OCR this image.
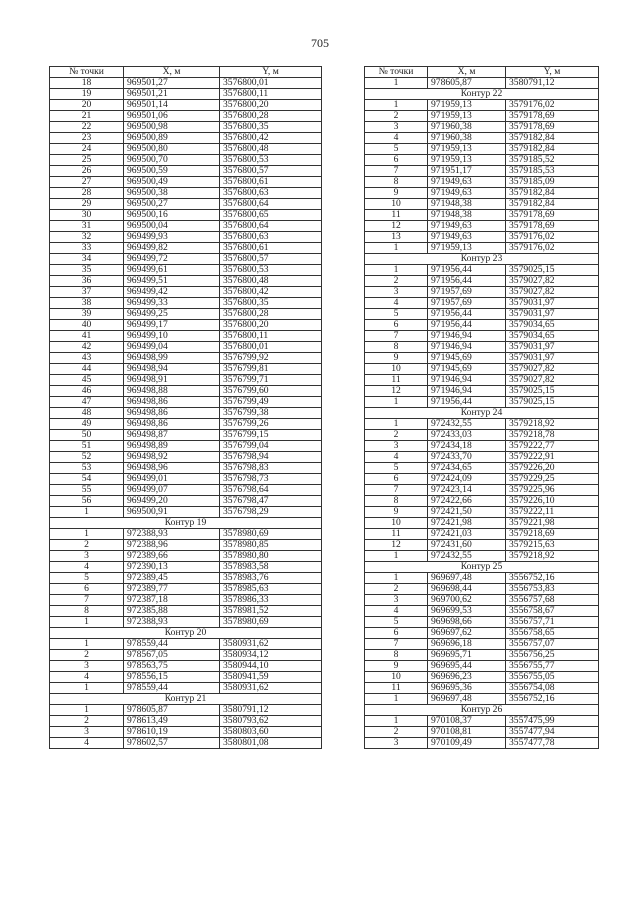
705
№ точки	X, м	Y, м
18	969501,27	3576800,01
19	969501,21	3576800,11
20	969501,14	3576800,20
21	969501,06	3576800,28
22	969500,98	3576800,35
23	969500,89	3576800,42
24	969500,80	3576800,48
25	969500,70	3576800,53
26	969500,59	3576800,57
27	969500,49	3576800,61
28	969500,38	3576800,63
29	969500,27	3576800,64
30	969500,16	3576800,65
31	969500,04	3576800,64
32	969499,93	3576800,63
33	969499,82	3576800,61
34	969499,72	3576800,57
35	969499,61	3576800,53
36	969499,51	3576800,48
37	969499,42	3576800,42
38	969499,33	3576800,35
39	969499,25	3576800,28
40	969499,17	3576800,20
41	969499,10	3576800,11
42	969499,04	3576800,01
43	969498,99	3576799,92
44	969498,94	3576799,81
45	969498,91	3576799,71
46	969498,88	3576799,60
47	969498,86	3576799,49
48	969498,86	3576799,38
49	969498,86	3576799,26
50	969498,87	3576799,15
51	969498,89	3576799,04
52	969498,92	3576798,94
53	969498,96	3576798,83
54	969499,01	3576798,73
55	969499,07	3576798,64
56	969499,20	3576798,47
1	969500,91	3576798,29
Контур 19		
1	972388,93	3578980,69
2	972388,96	3578980,85
3	972389,66	3578980,80
4	972390,13	3578983,58
5	972389,45	3578983,76
6	972389,77	3578985,63
7	972387,18	3578986,33
8	972385,88	3578981,52
1	972388,93	3578980,69
Контур 20		
1	978559,44	3580931,62
2	978567,05	3580934,12
3	978563,75	3580944,10
4	978556,15	3580941,59
1	978559,44	3580931,62
Контур 21		
1	978605,87	3580791,12
2	978613,49	3580793,62
3	978610,19	3580803,60
4	978602,57	3580801,08
№ точки	X, м	Y, м
1	978605,87	3580791,12
Контур 22		
1	971959,13	3579176,02
2	971959,13	3579178,69
3	971960,38	3579178,69
4	971960,38	3579182,84
5	971959,13	3579182,84
6	971959,13	3579185,52
7	971951,17	3579185,53
8	971949,63	3579185,09
9	971949,63	3579182,84
10	971948,38	3579182,84
11	971948,38	3579178,69
12	971949,63	3579178,69
13	971949,63	3579176,02
1	971959,13	3579176,02
Контур 23		
1	971956,44	3579025,15
2	971956,44	3579027,82
3	971957,69	3579027,82
4	971957,69	3579031,97
5	971956,44	3579031,97
6	971956,44	3579034,65
7	971946,94	3579034,65
8	971946,94	3579031,97
9	971945,69	3579031,97
10	971945,69	3579027,82
11	971946,94	3579027,82
12	971946,94	3579025,15
1	971956,44	3579025,15
Контур 24		
1	972432,55	3579218,92
2	972433,03	3579218,78
3	972434,18	3579222,77
4	972433,70	3579222,91
5	972434,65	3579226,20
6	972424,09	3579229,25
7	972423,14	3579225,96
8	972422,66	3579226,10
9	972421,50	3579222,11
10	972421,98	3579221,98
11	972421,03	3579218,69
12	972431,60	3579215,63
1	972432,55	3579218,92
Контур 25		
1	969697,48	3556752,16
2	969698,44	3556753,83
3	969700,62	3556757,68
4	969699,53	3556758,67
5	969698,66	3556757,71
6	969697,62	3556758,65
7	969696,18	3556757,07
8	969695,71	3556756,25
9	969695,44	3556755,77
10	969696,23	3556755,05
11	969695,36	3556754,08
1	969697,48	3556752,16
Контур 26		
1	970108,37	3557475,99
2	970108,81	3557477,94
3	970109,49	3557477,78
